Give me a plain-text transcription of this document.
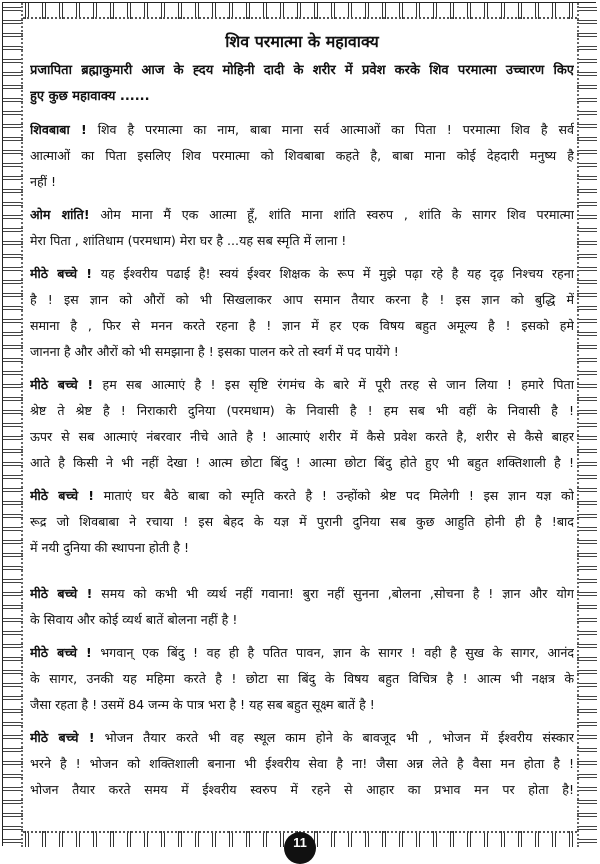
शिव परमात्मा के महावाक्य
प्रजापिता ब्रह्माकुमारी आज के ह्दय मोहिनी दादी के शरीर में प्रवेश करके शिव परमात्मा उच्चारण किए
हुए कुछ महावाक्य ......
शिवबाबा ! शिव है परमात्मा का नाम, बाबा माना सर्व आत्माओं का पिता ! परमात्मा शिव है सर्व
आत्माओं का पिता इसलिए शिव परमात्मा को शिवबाबा कहते है, बाबा माना कोई देहदारी मनुष्य है
नहीं !
ओम शांति! ओम माना मैं एक आत्मा हूँ, शांति माना शांति स्वरुप , शांति के सागर शिव परमात्मा
मेरा पिता , शांतिधाम (परमधाम) मेरा घर है ...यह सब स्मृति में लाना !
मीठे बच्चे ! यह ईश्वरीय पढाई है! स्वयं ईश्वर शिक्षक के रूप में मुझे पढ़ा रहे है यह दृढ़ निश्चय रहना
है ! इस ज्ञान को औरों को भी सिखलाकर आप समान तैयार करना है ! इस ज्ञान को बुद्धि में
समाना है , फिर से मनन करते रहना है ! ज्ञान में हर एक विषय बहुत अमूल्य है ! इसको हमे
जानना है और औरों को भी समझाना है ! इसका पालन करे तो स्वर्ग में पद पायेंगे !
मीठे बच्चे ! हम सब आत्माएं है ! इस सृष्टि रंगमंच के बारे में पूरी तरह से जान लिया ! हमारे पिता
श्रेष्ट ते श्रेष्ट है ! निराकारी दुनिया (परमधाम) के निवासी है ! हम सब भी वहीं के निवासी है !
ऊपर से सब आत्माएं नंबरवार नीचे आते है ! आत्माएं शरीर में कैसे प्रवेश करते है, शरीर से कैसे बाहर
आते है किसी ने भी नहीं देखा ! आत्म छोटा बिंदु ! आत्मा छोटा बिंदु होते हुए भी बहुत शक्तिशाली है !
मीठे बच्चे ! माताएं घर बैठे बाबा को स्मृति करते है ! उन्होंको श्रेष्ट पद मिलेगी ! इस ज्ञान यज्ञ को
रूद्र जो शिवबाबा ने रचाया ! इस बेहद के यज्ञ में पुरानी दुनिया सब कुछ आहुति होनी ही है !बाद
में नयी दुनिया की स्थापना होती है !
मीठे बच्चे ! समय को कभी भी व्यर्थ नहीं गवाना! बुरा नहीं सुनना ,बोलना ,सोचना है ! ज्ञान और योग
के सिवाय और कोई व्यर्थ बातें बोलना नहीं है !
मीठे बच्चे ! भगवान् एक बिंदु ! वह ही है पतित पावन, ज्ञान के सागर ! वही है सुख के सागर, आनंद
के सागर, उनकी यह महिमा करते है ! छोटा सा बिंदु के विषय बहुत विचित्र है ! आत्म भी नक्षत्र के
जैसा रहता है ! उसमें 84 जन्म के पात्र भरा है ! यह सब बहुत सूक्ष्म बातें है !
मीठे बच्चे ! भोजन तैयार करते भी वह स्थूल काम होने के बावजूद भी , भोजन में ईश्वरीय संस्कार
भरने है ! भोजन को शक्तिशाली बनाना भी ईश्वरीय सेवा है ना! जैसा अन्न लेते है वैसा मन होता है !
भोजन तैयार करते समय में ईश्वरीय स्वरुप में रहने से आहार का प्रभाव मन पर होता है!
11
